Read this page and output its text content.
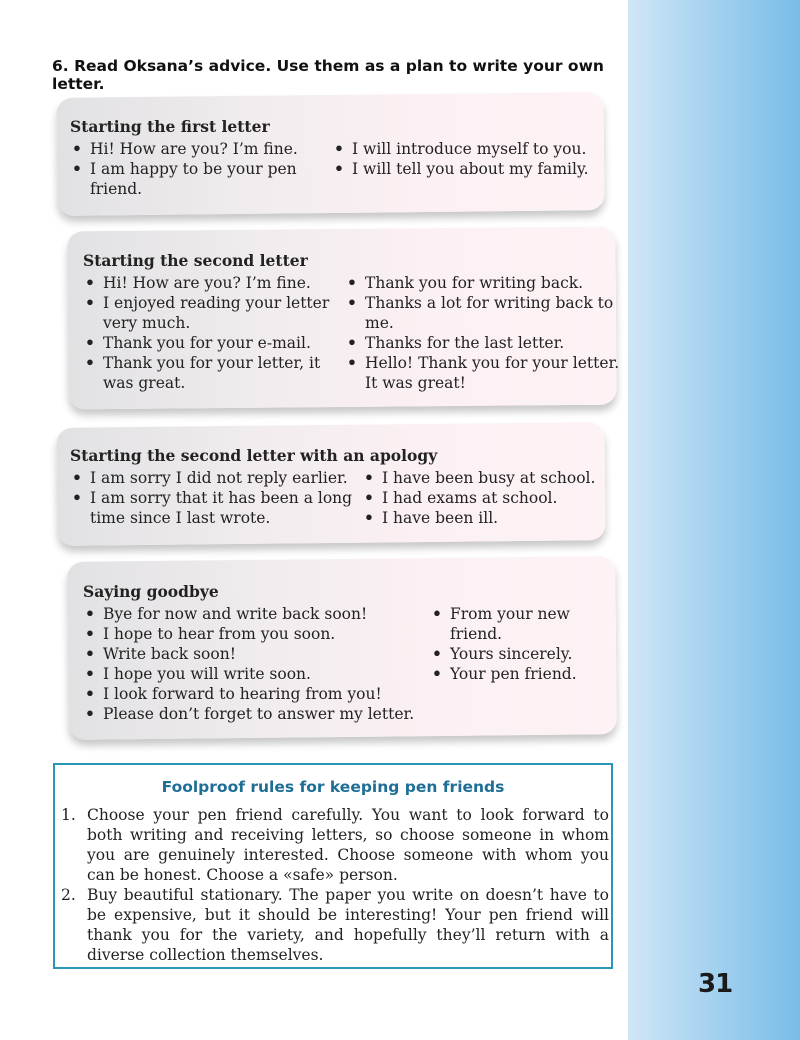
6. Read Oksana’s advice. Use them as a plan to write your own letter.
Starting the first letter
• Hi! How are you? I’m fine.
• I am happy to be your pen friend.
• I will introduce myself to you.
• I will tell you about my family.
Starting the second letter
• Hi! How are you? I’m fine.
• I enjoyed reading your letter very much.
• Thank you for your e-mail.
• Thank you for your letter, it was great.
• Thank you for writing back.
• Thanks a lot for writing back to me.
• Thanks for the last letter.
• Hello! Thank you for your letter. It was great!
Starting the second letter with an apology
• I am sorry I did not reply earlier.
• I am sorry that it has been a long time since I last wrote.
• I have been busy at school.
• I had exams at school.
• I have been ill.
Saying goodbye
• Bye for now and write back soon!
• I hope to hear from you soon.
• Write back soon!
• I hope you will write soon.
• I look forward to hearing from you!
• Please don’t forget to answer my letter.
• From your new friend.
• Yours sincerely.
• Your pen friend.
Foolproof rules for keeping pen friends
1. Choose your pen friend carefully. You want to look forward to both writing and receiving letters, so choose someone in whom you are genuinely interested. Choose someone with whom you can be honest. Choose a «safe» person.
2. Buy beautiful stationary. The paper you write on doesn’t have to be expensive, but it should be interesting! Your pen friend will thank you for the variety, and hopefully they’ll return with a diverse collection themselves.
31
